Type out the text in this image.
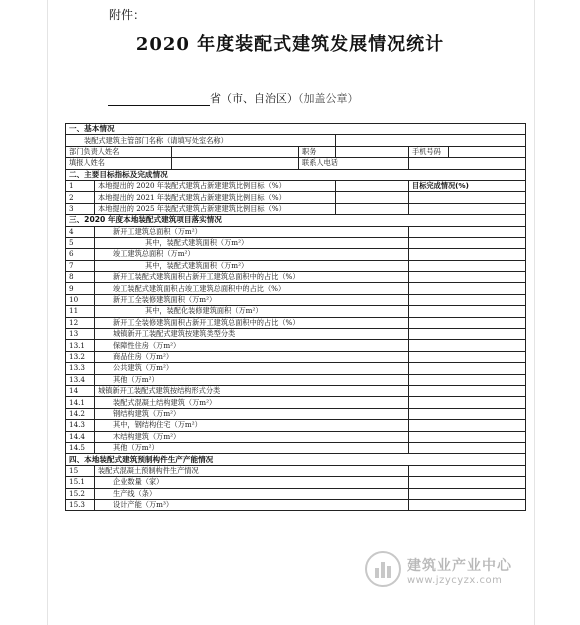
附件：
2020 年度装配式建筑发展情况统计
省（市、自治区）（加盖公章）
一、基本情况						
装配式建筑主管部门名称（请填写处室名称）						
部门负责人姓名			职务		手机号码	
填报人姓名			联系人电话			
二、主要目标指标及完成情况						
1	本地提出的 2020 年装配式建筑占新建建筑比例目标（%）				目标完成情况(%)	
2	本地提出的 2021 年装配式建筑占新建建筑比例目标（%）					
3	本地提出的 2025 年装配式建筑占新建建筑比例目标（%）					
三、2020 年度本地装配式建筑项目落实情况						
4	新开工建筑总面积（万m²）					
5	其中，装配式建筑面积（万m²）					
6	竣工建筑总面积（万m²）					
7	其中，装配式建筑面积（万m²）					
8	新开工装配式建筑面积占新开工建筑总面积中的占比（%）					
9	竣工装配式建筑面积占竣工建筑总面积中的占比（%）					
10	新开工全装修建筑面积（万m²）					
11	其中，装配化装修建筑面积（万m²）					
12	新开工全装修建筑面积占新开工建筑总面积中的占比（%）					
13	城镇新开工装配式建筑按建筑类型分类					
13.1	保障性住房（万m²）					
13.2	商品住房（万m²）					
13.3	公共建筑（万m²）					
13.4	其他（万m²）					
14	城镇新开工装配式建筑按结构形式分类					
14.1	装配式混凝土结构建筑（万m²）					
14.2	钢结构建筑（万m²）					
14.3	其中，钢结构住宅（万m²）					
14.4	木结构建筑（万m²）					
14.5	其他（万m²）					
四、本地装配式建筑预制构件生产产能情况						
15	装配式混凝土预制构件生产情况					
15.1	企业数量（家）					
15.2	生产线（条）					
15.3	设计产能（万m³）					
建筑业产业中心
www.jzycyzx.com
